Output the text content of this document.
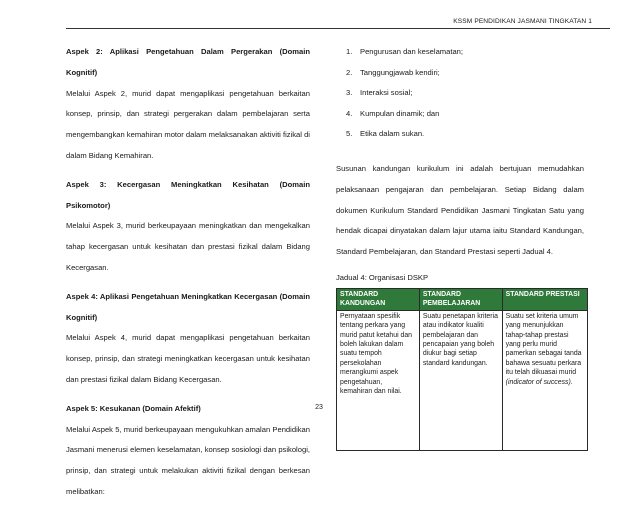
KSSM PENDIDIKAN JASMANI TINGKATAN 1
Aspek 2: Aplikasi Pengetahuan Dalam Pergerakan (Domain Kognitif)
Melalui Aspek 2, murid dapat mengaplikasi pengetahuan berkaitan konsep, prinsip, dan strategi pergerakan dalam pembelajaran serta mengembangkan kemahiran motor dalam melaksanakan aktiviti fizikal di dalam Bidang Kemahiran.
Aspek 3: Kecergasan Meningkatkan Kesihatan (Domain Psikomotor)
Melalui Aspek 3, murid berkeupayaan meningkatkan dan mengekalkan tahap kecergasan untuk kesihatan dan prestasi fizikal dalam Bidang Kecergasan.
Aspek 4: Aplikasi Pengetahuan Meningkatkan Kecergasan (Domain Kognitif)
Melalui Aspek 4, murid dapat mengaplikasi pengetahuan berkaitan konsep, prinsip, dan strategi meningkatkan kecergasan untuk kesihatan dan prestasi fizikal dalam Bidang Kecergasan.
Aspek 5: Kesukanan (Domain Afektif)
Melalui Aspek 5, murid berkeupayaan mengukuhkan amalan Pendidikan Jasmani menerusi elemen keselamatan, konsep sosiologi dan psikologi, prinsip, dan strategi untuk melakukan aktiviti fizikal dengan berkesan melibatkan:
1.	Pengurusan dan keselamatan;
2.	Tanggungjawab kendiri;
3.	Interaksi sosial;
4.	Kumpulan dinamik; dan
5.	Etika dalam sukan.
Susunan kandungan kurikulum ini adalah bertujuan memudahkan pelaksanaan pengajaran dan pembelajaran. Setiap Bidang dalam dokumen Kurikulum Standard Pendidikan Jasmani Tingkatan Satu yang hendak dicapai dinyatakan dalam lajur utama iaitu Standard Kandungan, Standard Pembelajaran, dan Standard Prestasi seperti Jadual 4.
Jadual 4: Organisasi DSKP
STANDARD KANDUNGAN	STANDARD PEMBELAJARAN	STANDARD PRESTASI
Pernyataan spesifik tentang perkara yang murid patut ketahui dan boleh lakukan dalam suatu tempoh persekolahan merangkumi aspek pengetahuan, kemahiran dan nilai.	Suatu penetapan kriteria atau indikator kualiti pembelajaran dan pencapaian yang boleh diukur bagi setiap standard kandungan.	Suatu set kriteria umum yang menunjukkan tahap-tahap prestasi yang perlu murid pamerkan sebagai tanda bahawa sesuatu perkara itu telah dikuasai murid (indicator of success).
23
